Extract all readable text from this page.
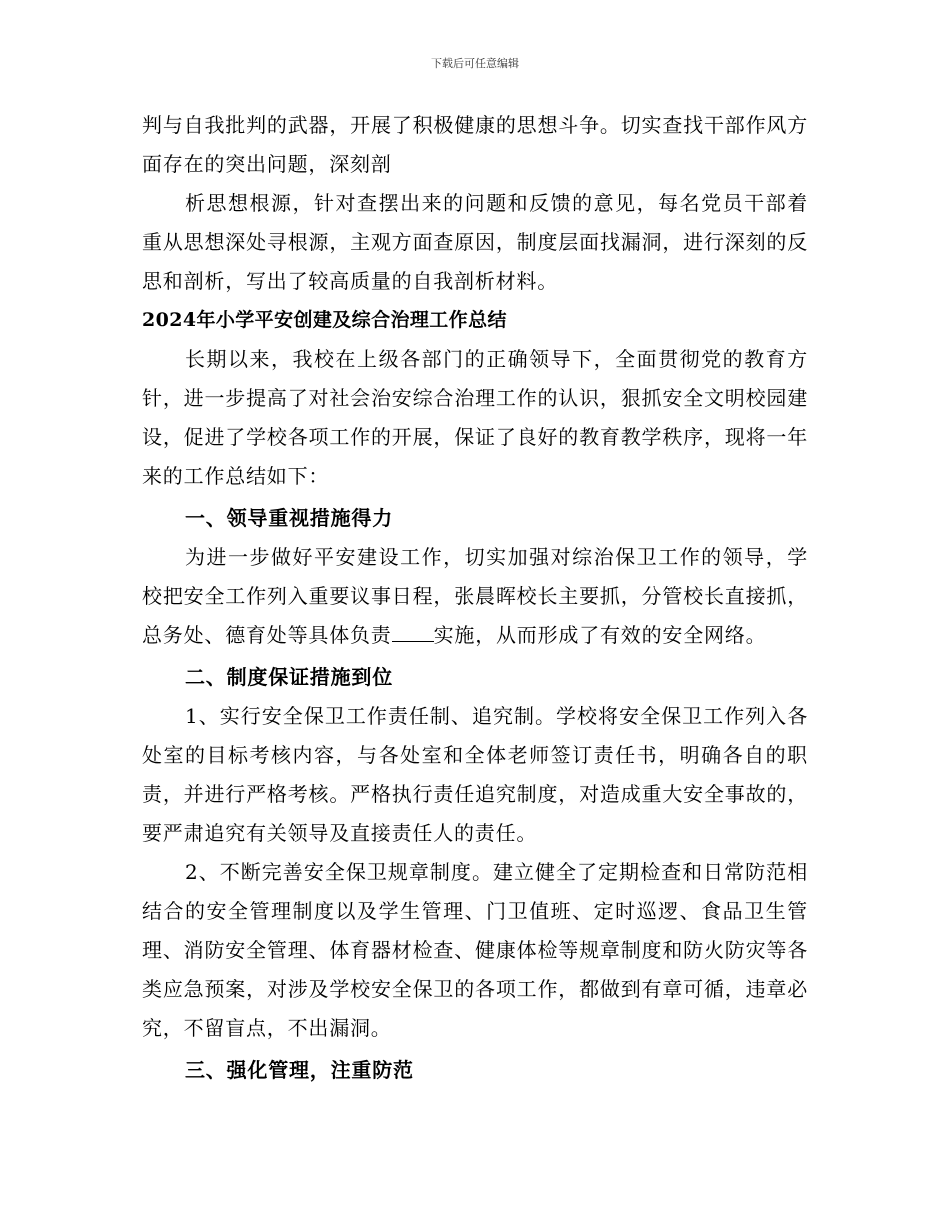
下载后可任意编辑

判与自我批判的武器，开展了积极健康的思想斗争。切实查找干部作风方面存在的突出问题，深刻剖

析思想根源，针对查摆出来的问题和反馈的意见，每名党员干部着重从思想深处寻根源，主观方面查原因，制度层面找漏洞，进行深刻的反思和剖析，写出了较高质量的自我剖析材料。

2024年小学平安创建及综合治理工作总结

长期以来，我校在上级各部门的正确领导下，全面贯彻党的教育方针，进一步提高了对社会治安综合治理工作的认识，狠抓安全文明校园建设，促进了学校各项工作的开展，保证了良好的教育教学秩序，现将一年来的工作总结如下：

一、领导重视措施得力

为进一步做好平安建设工作，切实加强对综治保卫工作的领导，学校把安全工作列入重要议事日程，张晨晖校长主要抓，分管校长直接抓，总务处、德育处等具体负责 实施，从而形成了有效的安全网络。

二、制度保证措施到位

1、实行安全保卫工作责任制、追究制。学校将安全保卫工作列入各处室的目标考核内容，与各处室和全体老师签订责任书，明确各自的职责，并进行严格考核。严格执行责任追究制度，对造成重大安全事故的，要严肃追究有关领导及直接责任人的责任。

2、不断完善安全保卫规章制度。建立健全了定期检查和日常防范相结合的安全管理制度以及学生管理、门卫值班、定时巡逻、食品卫生管理、消防安全管理、体育器材检查、健康体检等规章制度和防火防灾等各类应急预案，对涉及学校安全保卫的各项工作，都做到有章可循，违章必究，不留盲点，不出漏洞。

三、强化管理，注重防范
